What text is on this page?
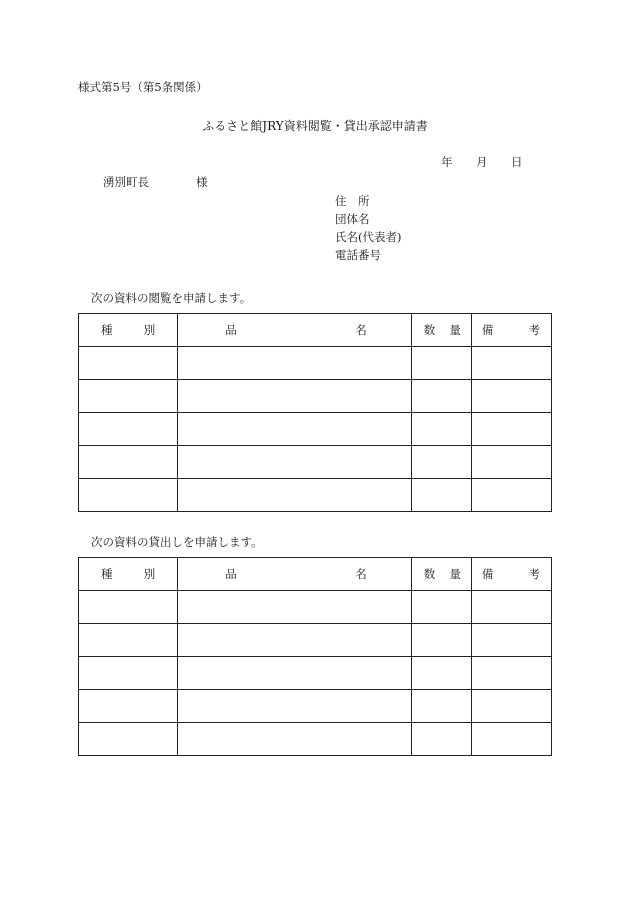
様式第5号（第5条関係）
ふるさと館JRY資料閲覧・貸出承認申請書
年 月 日
湧別町長	様
住　所
団体名
氏名(代表者)
電話番号
次の資料の閲覧を申請します。
種 別	品 名	数 量	備 考

次の資料の貸出しを申請します。
種 別	品 名	数 量	備 考
